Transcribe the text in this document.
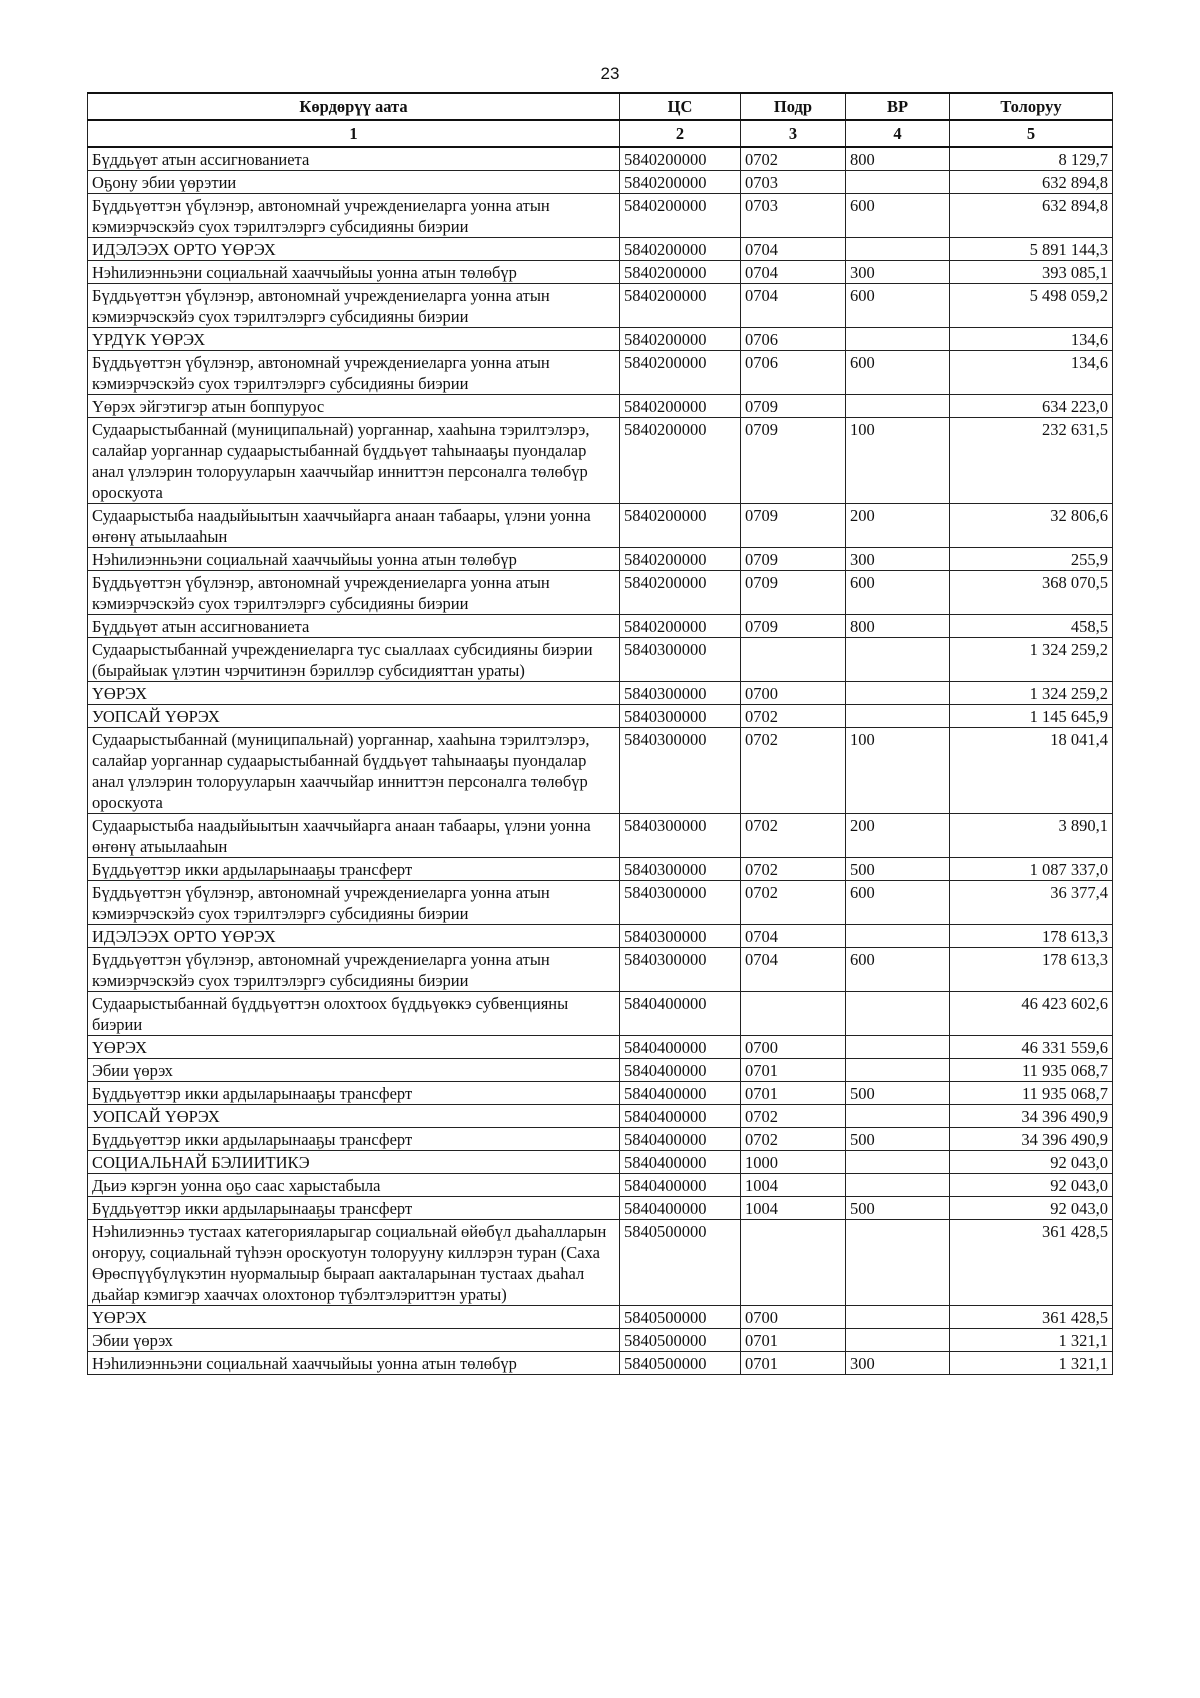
23
Көрдөрүү аата	ЦС	Подр	ВР	Толоруу
1	2	3	4	5
Бүддьүөт атын ассигнованиета	5840200000	0702	800	8 129,7
Оҕону эбии үөрэтии	5840200000	0703		632 894,8
Бүддьүөттэн үбүлэнэр, автономнай учреждениеларга уонна атын кэмиэрчэскэйэ суох тэрилтэлэргэ субсидияны биэрии	5840200000	0703	600	632 894,8
ИДЭЛЭЭХ ОРТО ҮӨРЭХ	5840200000	0704		5 891 144,3
Нэһилиэнньэни социальнай хааччыйыы уонна атын төлөбүр	5840200000	0704	300	393 085,1
Бүддьүөттэн үбүлэнэр, автономнай учреждениеларга уонна атын кэмиэрчэскэйэ суох тэрилтэлэргэ субсидияны биэрии	5840200000	0704	600	5 498 059,2
ҮРДҮК ҮӨРЭХ	5840200000	0706		134,6
Бүддьүөттэн үбүлэнэр, автономнай учреждениеларга уонна атын кэмиэрчэскэйэ суох тэрилтэлэргэ субсидияны биэрии	5840200000	0706	600	134,6
Үөрэх эйгэтигэр атын боппуруос	5840200000	0709		634 223,0
Судаарыстыбаннай (муниципальнай) уорганнар, хааһына тэрилтэлэрэ, салайар уорганнар судаарыстыбаннай бүддьүөт таһынааҕы пуондалар анал үлэлэрин толорууларын хааччыйар инниттэн персоналга төлөбүр ороскуота	5840200000	0709	100	232 631,5
Судаарыстыба наадыйыытын хааччыйарга анаан табаары, үлэни уонна өҥөнү атыылааһын	5840200000	0709	200	32 806,6
Нэһилиэнньэни социальнай хааччыйыы уонна атын төлөбүр	5840200000	0709	300	255,9
Бүддьүөттэн үбүлэнэр, автономнай учреждениеларга уонна атын кэмиэрчэскэйэ суох тэрилтэлэргэ субсидияны биэрии	5840200000	0709	600	368 070,5
Бүддьүөт атын ассигнованиета	5840200000	0709	800	458,5
Судаарыстыбаннай учреждениеларга тус сыаллаах субсидияны биэрии (бырайыак үлэтин чэрчитинэн бэриллэр субсидияттан ураты)	5840300000			1 324 259,2
ҮӨРЭХ	5840300000	0700		1 324 259,2
УОПСАЙ ҮӨРЭХ	5840300000	0702		1 145 645,9
Судаарыстыбаннай (муниципальнай) уорганнар, хааһына тэрилтэлэрэ, салайар уорганнар судаарыстыбаннай бүддьүөт таһынааҕы пуондалар анал үлэлэрин толорууларын хааччыйар инниттэн персоналга төлөбүр ороскуота	5840300000	0702	100	18 041,4
Судаарыстыба наадыйыытын хааччыйарга анаан табаары, үлэни уонна өҥөнү атыылааһын	5840300000	0702	200	3 890,1
Бүддьүөттэр икки ардыларынааҕы трансферт	5840300000	0702	500	1 087 337,0
Бүддьүөттэн үбүлэнэр, автономнай учреждениеларга уонна атын кэмиэрчэскэйэ суох тэрилтэлэргэ субсидияны биэрии	5840300000	0702	600	36 377,4
ИДЭЛЭЭХ ОРТО ҮӨРЭХ	5840300000	0704		178 613,3
Бүддьүөттэн үбүлэнэр, автономнай учреждениеларга уонна атын кэмиэрчэскэйэ суох тэрилтэлэргэ субсидияны биэрии	5840300000	0704	600	178 613,3
Судаарыстыбаннай бүддьүөттэн олохтоох бүддьүөккэ субвенцияны биэрии	5840400000			46 423 602,6
ҮӨРЭХ	5840400000	0700		46 331 559,6
Эбии үөрэх	5840400000	0701		11 935 068,7
Бүддьүөттэр икки ардыларынааҕы трансферт	5840400000	0701	500	11 935 068,7
УОПСАЙ ҮӨРЭХ	5840400000	0702		34 396 490,9
Бүддьүөттэр икки ардыларынааҕы трансферт	5840400000	0702	500	34 396 490,9
СОЦИАЛЬНАЙ БЭЛИИТИКЭ	5840400000	1000		92 043,0
Дьиэ кэргэн уонна оҕо саас харыстабыла	5840400000	1004		92 043,0
Бүддьүөттэр икки ардыларынааҕы трансферт	5840400000	1004	500	92 043,0
Нэһилиэнньэ тустаах категорияларыгар социальнай өйөбүл дьаһалларын оҥоруу, социальнай түһээн ороскуотун толорууну киллэрэн туран (Саха Өрөспүүбүлүкэтин нуормалыыр быраап аакталарынан тустаах дьаһал дьайар кэмигэр хааччах олохтонор түбэлтэлэриттэн ураты)	5840500000			361 428,5
ҮӨРЭХ	5840500000	0700		361 428,5
Эбии үөрэх	5840500000	0701		1 321,1
Нэһилиэнньэни социальнай хааччыйыы уонна атын төлөбүр	5840500000	0701	300	1 321,1
